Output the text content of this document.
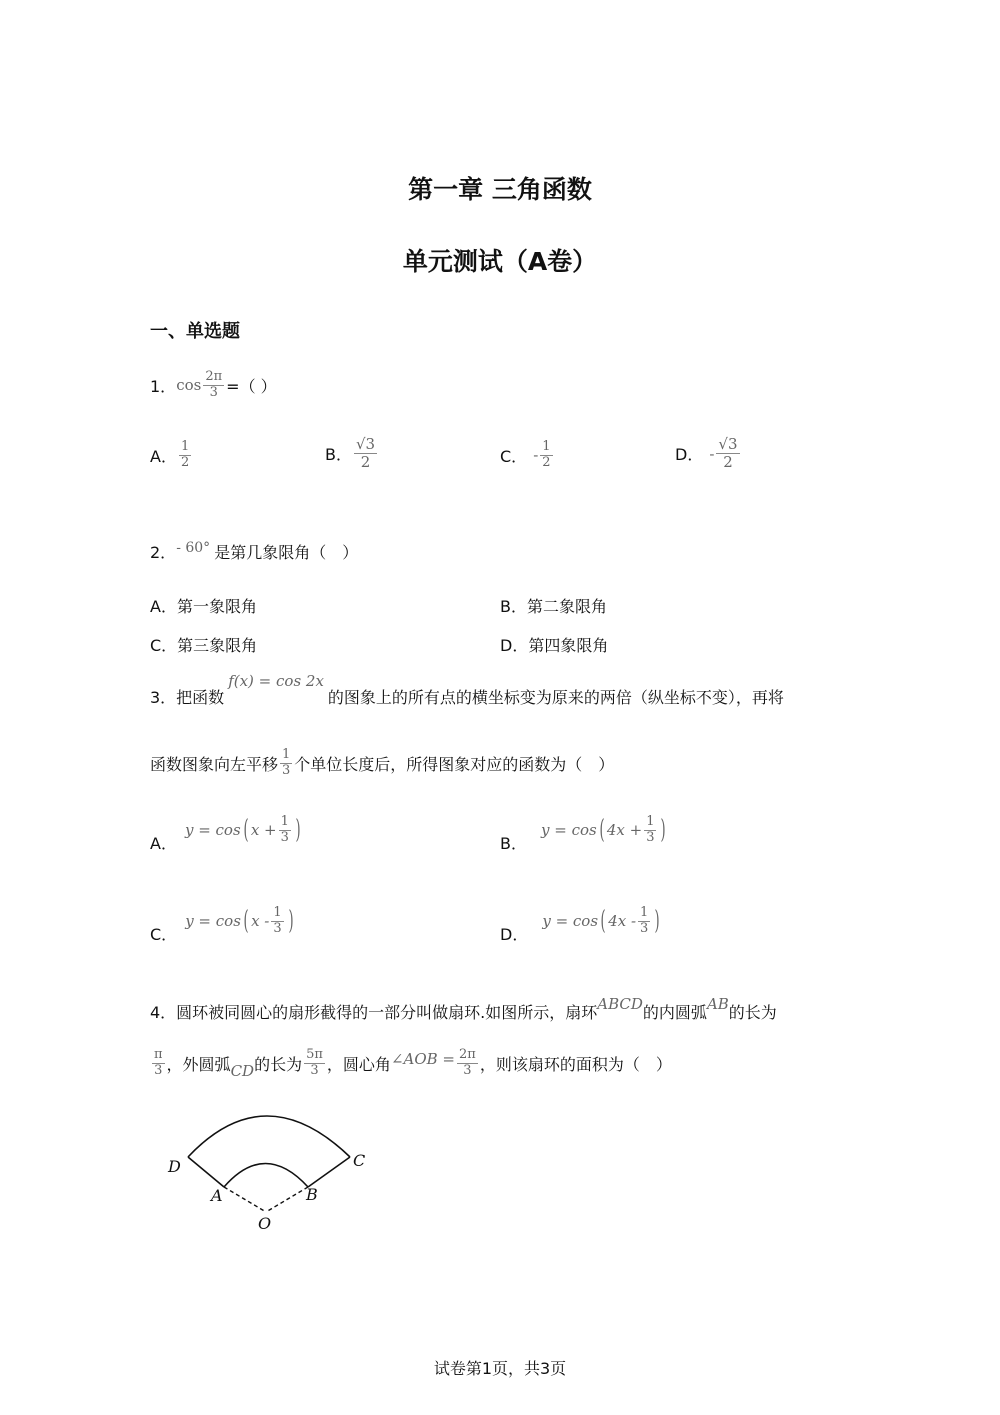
第一章 三角函数
单元测试（A卷）
一、单选题
1． $\cos \frac{2\pi}{3}$ =（ ）
A． $\frac{1}{2}$	B． $\frac{√3}{2}$	C． - $\frac{1}{2}$	D． - $\frac{√3}{2}$
2． - 60° 是第几象限角（　）
A．第一象限角	B．第二象限角
C．第三象限角	D．第四象限角
3．把函数
f(x) = cos 2x
的图象上的所有点的横坐标变为原来的两倍（纵坐标不变），再将
函数图象向左平移 $\frac{1}{3}$ 个单位长度后，所得图象对应的函数为（　）
A．
y = cos ( $x + \frac{1}{3}$ )	B．
y = cos ( $4x + \frac{1}{3}$ )
C．
y = cos ( x - $\frac{1}{3}$ )	D．
y = cos ( $4x - \frac{1}{3}$ )
4．圆环被同圆心的扇形截得的一部分叫做扇环.如图所示，扇环 ABCD 的内圆弧 AB 的长为
$\frac{\pi}{3}$ ，外圆弧 CD 的长为 $\frac{5\pi}{3}$ ，圆心角 ∠AOB = $\frac{2\pi}{3}$ ，则该扇环的面积为（　）
D	C
A	B
O
试卷第1页，共3页
